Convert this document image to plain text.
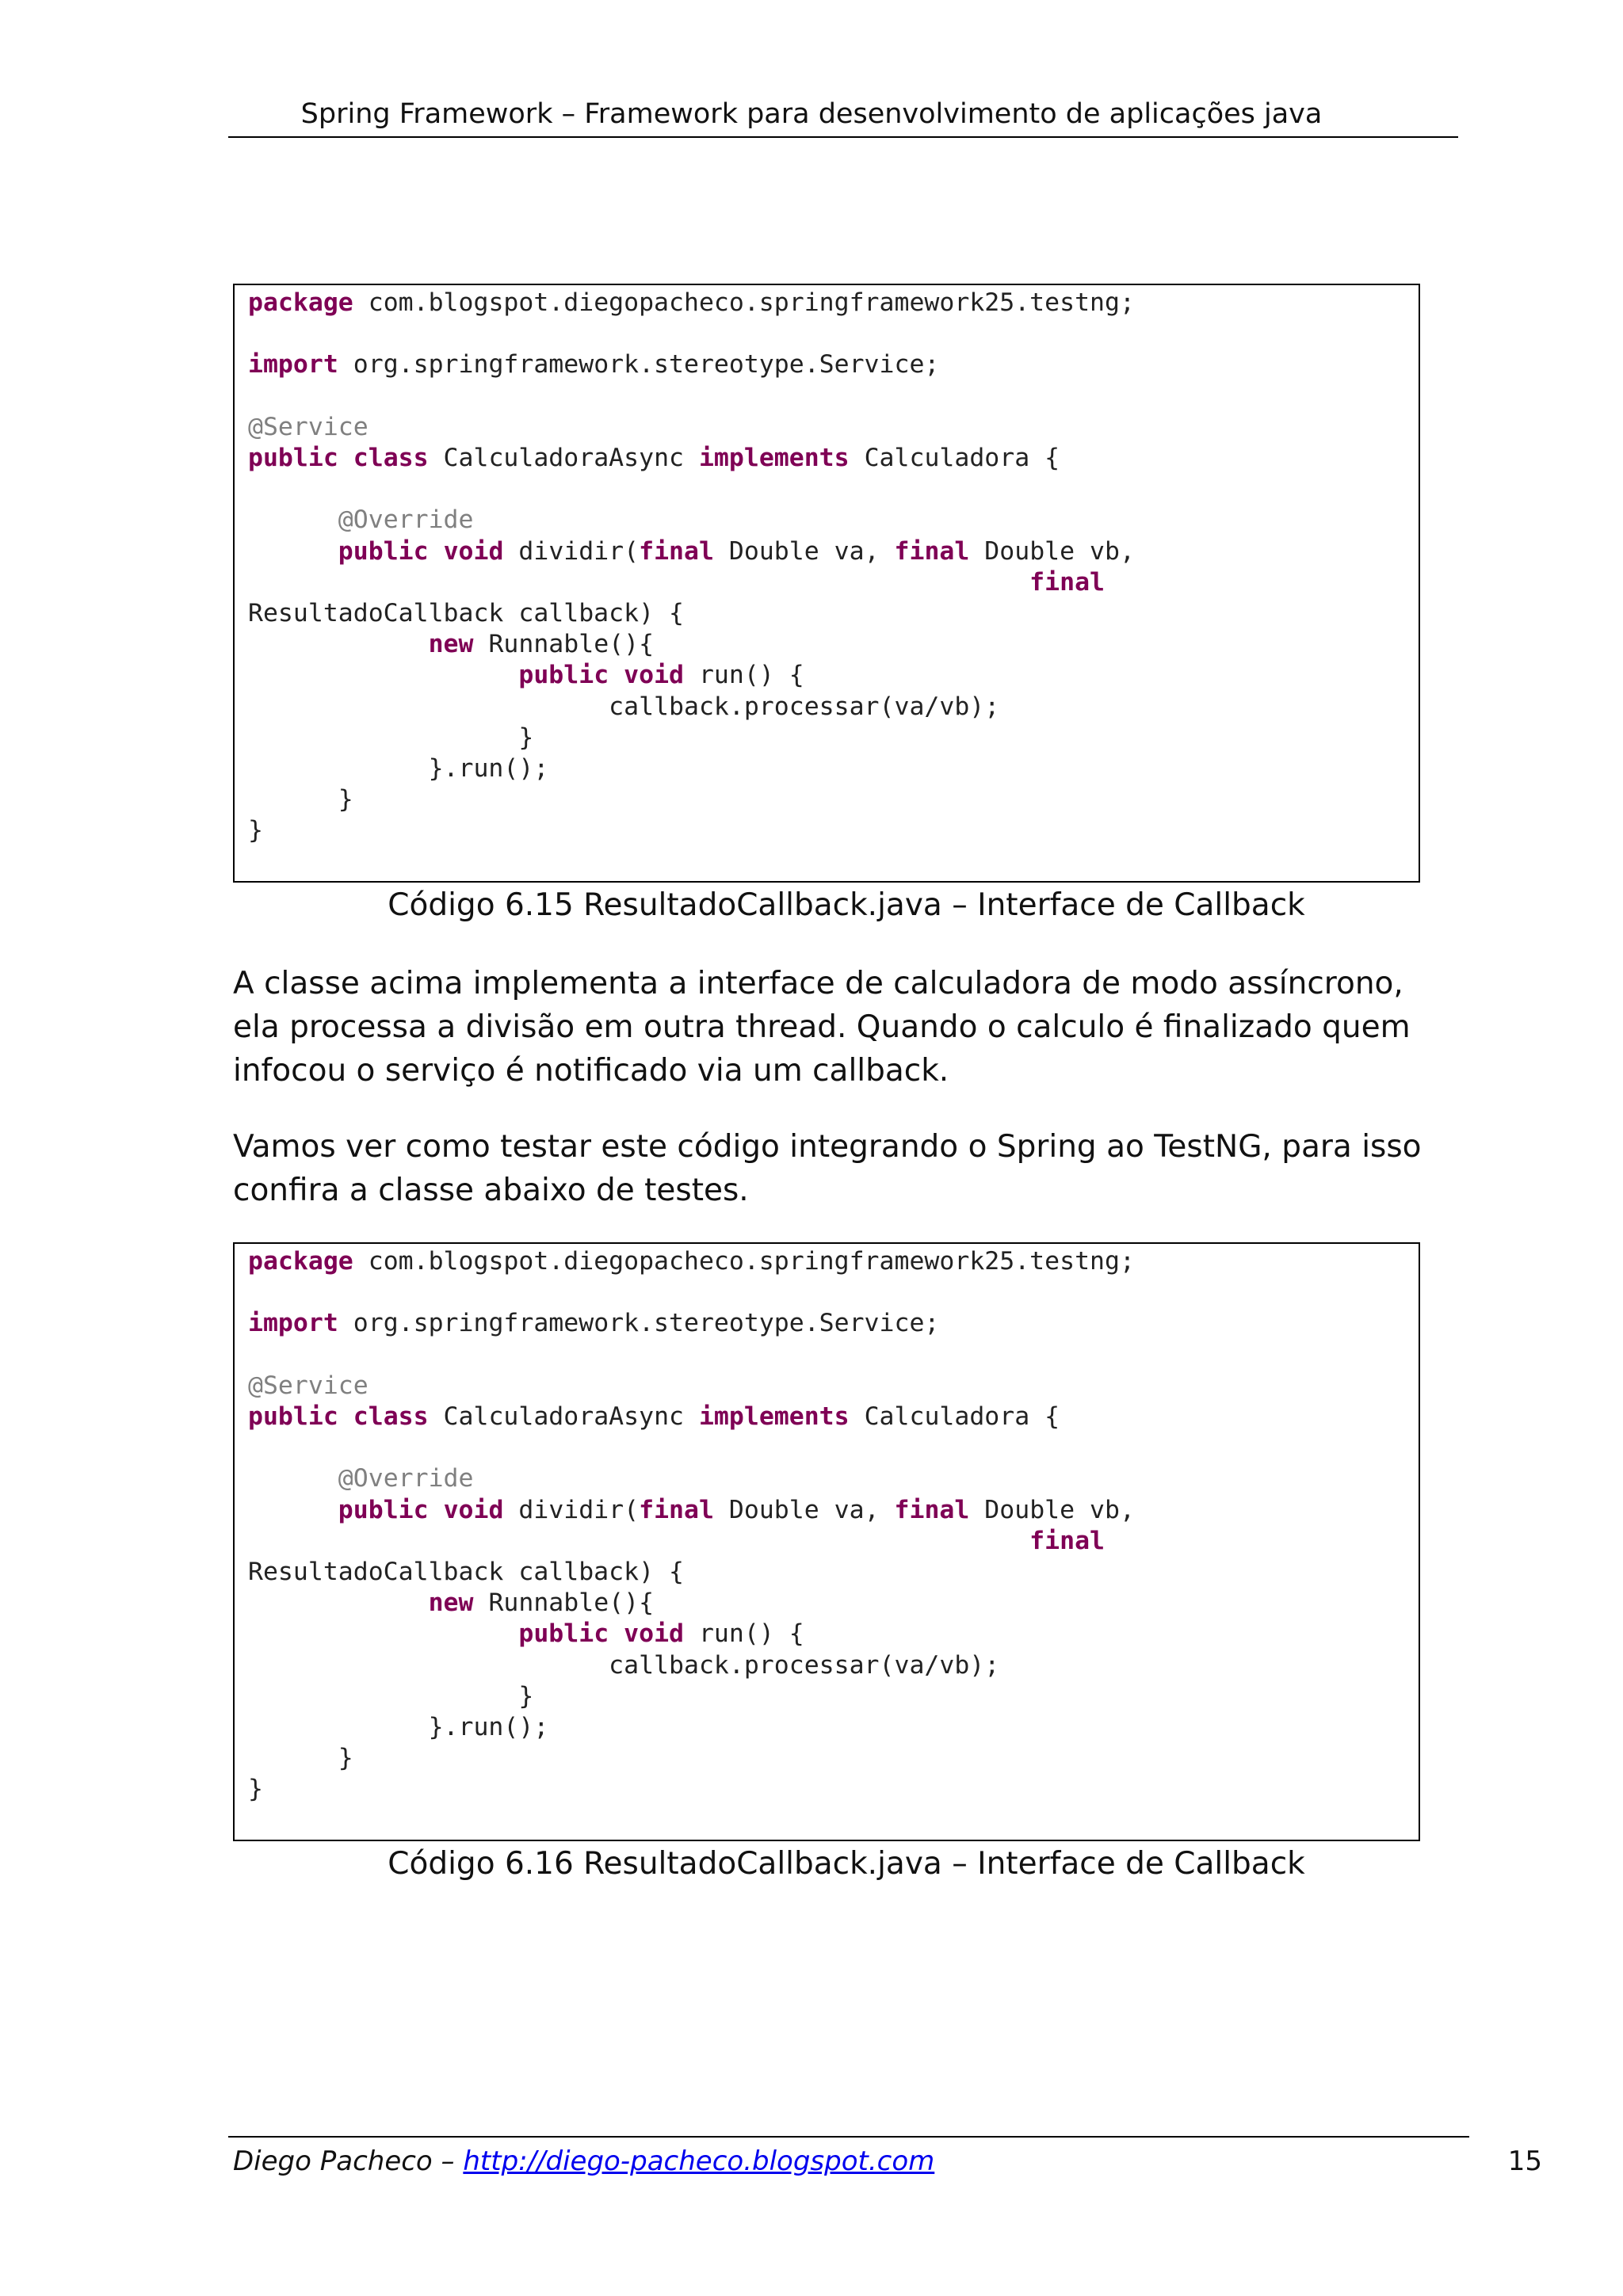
Spring Framework – Framework para desenvolvimento de aplicações java
package com.blogspot.diegopacheco.springframework25.testng;

import org.springframework.stereotype.Service;

@Service
public class CalculadoraAsync implements Calculadora {

@Override
public void dividir(final Double va, final Double vb,
final
ResultadoCallback callback) {
new Runnable(){
public void run() {
callback.processar(va/vb);
}
}.run();
}
}
Código 6.15 ResultadoCallback.java – Interface de Callback

A classe acima implementa a interface de calculadora de modo assíncrono, ela processa a divisão em outra thread. Quando o calculo é finalizado quem infocou o serviço é notificado via um callback.

Vamos ver como testar este código integrando o Spring ao TestNG, para isso confira a classe abaixo de testes.

package com.blogspot.diegopacheco.springframework25.testng;

import org.springframework.stereotype.Service;

@Service
public class CalculadoraAsync implements Calculadora {

@Override
public void dividir(final Double va, final Double vb,
final
ResultadoCallback callback) {
new Runnable(){
public void run() {
callback.processar(va/vb);
}
}.run();
}
}
Código 6.16 ResultadoCallback.java – Interface de Callback
Diego Pacheco – http://diego-pacheco.blogspot.com	15
